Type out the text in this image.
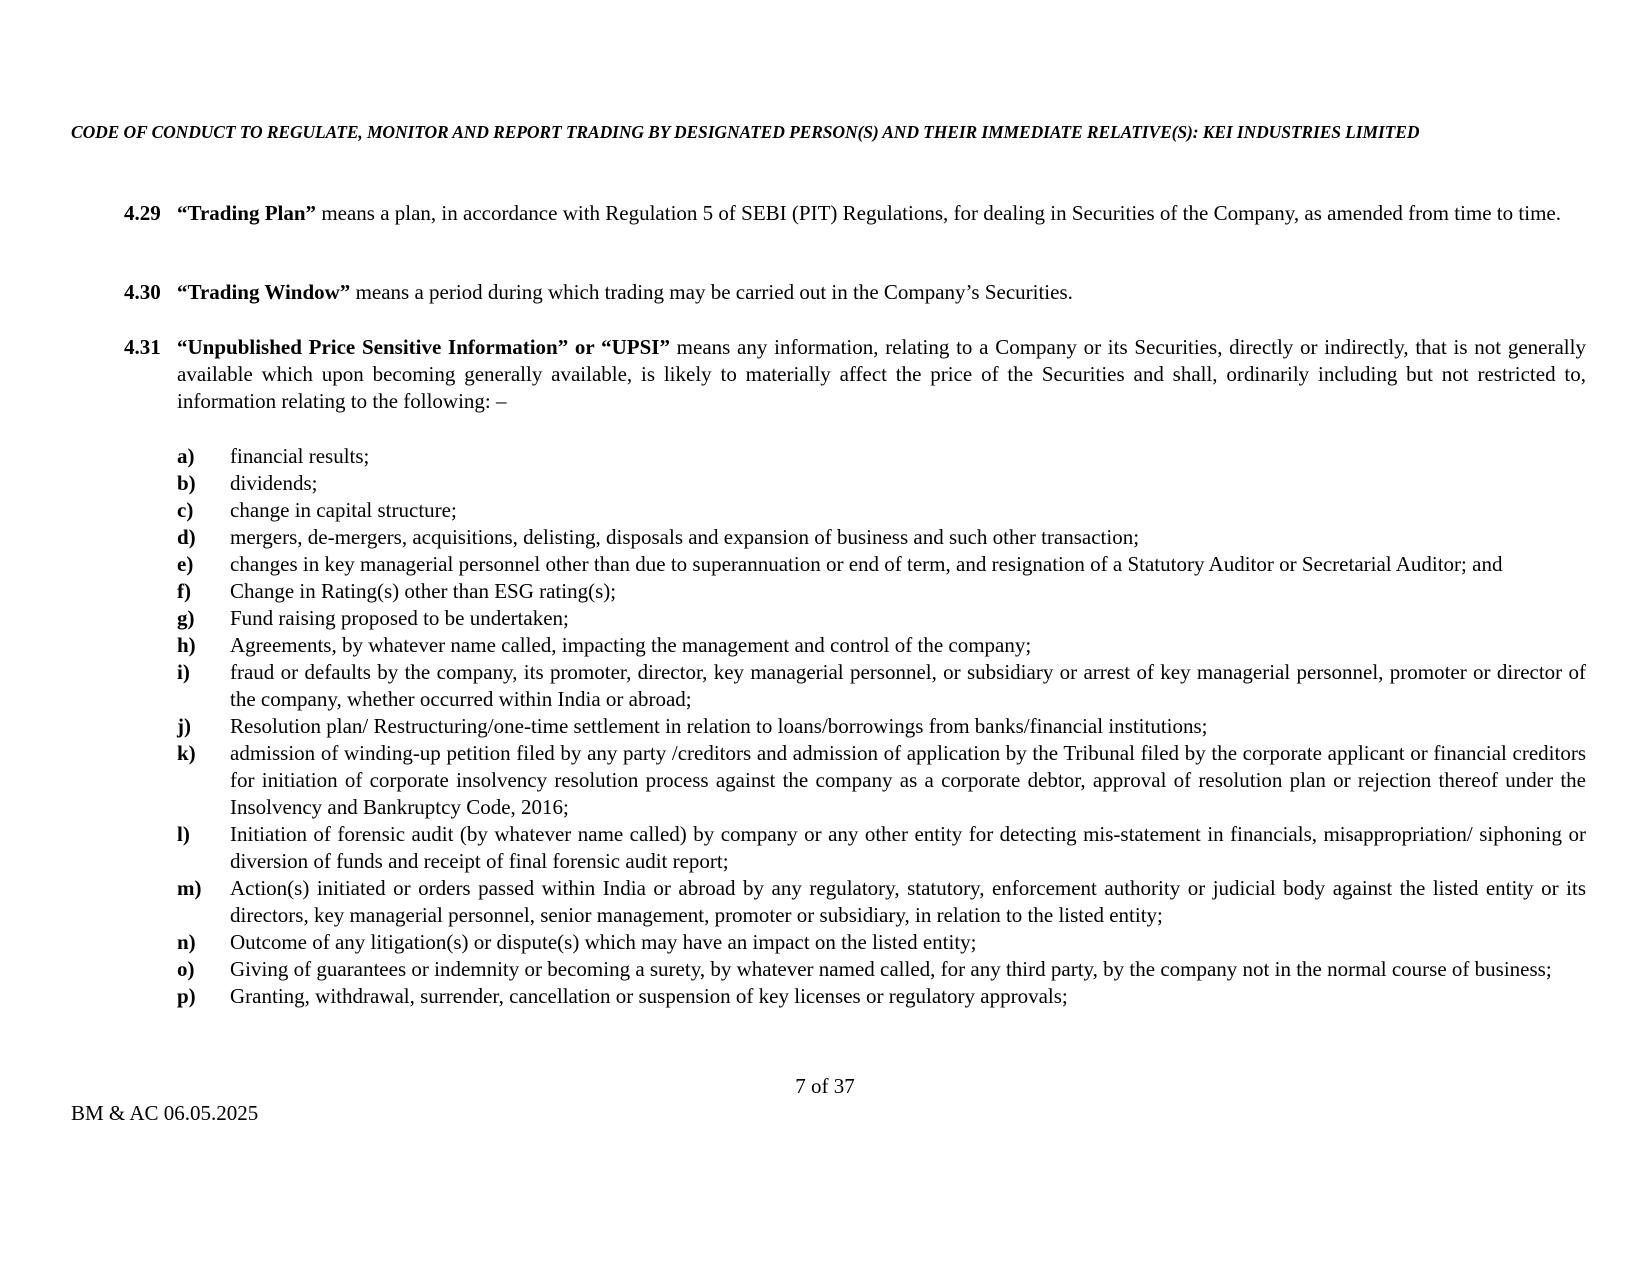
CODE OF CONDUCT TO REGULATE, MONITOR AND REPORT TRADING BY DESIGNATED PERSON(S) AND THEIR IMMEDIATE RELATIVE(S): KEI INDUSTRIES LIMITED
4.29 “Trading Plan” means a plan, in accordance with Regulation 5 of SEBI (PIT) Regulations, for dealing in Securities of the Company, as amended from time to time.
4.30 “Trading Window” means a period during which trading may be carried out in the Company’s Securities.
4.31 “Unpublished Price Sensitive Information” or “UPSI” means any information, relating to a Company or its Securities, directly or indirectly, that is not generally available which upon becoming generally available, is likely to materially affect the price of the Securities and shall, ordinarily including but not restricted to, information relating to the following: –
a) financial results;
b) dividends;
c) change in capital structure;
d) mergers, de-mergers, acquisitions, delisting, disposals and expansion of business and such other transaction;
e) changes in key managerial personnel other than due to superannuation or end of term, and resignation of a Statutory Auditor or Secretarial Auditor; and
f) Change in Rating(s) other than ESG rating(s);
g) Fund raising proposed to be undertaken;
h) Agreements, by whatever name called, impacting the management and control of the company;
i) fraud or defaults by the company, its promoter, director, key managerial personnel, or subsidiary or arrest of key managerial personnel, promoter or director of the company, whether occurred within India or abroad;
j) Resolution plan/ Restructuring/one-time settlement in relation to loans/borrowings from banks/financial institutions;
k) admission of winding-up petition filed by any party /creditors and admission of application by the Tribunal filed by the corporate applicant or financial creditors for initiation of corporate insolvency resolution process against the company as a corporate debtor, approval of resolution plan or rejection thereof under the Insolvency and Bankruptcy Code, 2016;
l) Initiation of forensic audit (by whatever name called) by company or any other entity for detecting mis-statement in financials, misappropriation/ siphoning or diversion of funds and receipt of final forensic audit report;
m) Action(s) initiated or orders passed within India or abroad by any regulatory, statutory, enforcement authority or judicial body against the listed entity or its directors, key managerial personnel, senior management, promoter or subsidiary, in relation to the listed entity;
n) Outcome of any litigation(s) or dispute(s) which may have an impact on the listed entity;
o) Giving of guarantees or indemnity or becoming a surety, by whatever named called, for any third party, by the company not in the normal course of business;
p) Granting, withdrawal, surrender, cancellation or suspension of key licenses or regulatory approvals;
7 of 37
BM & AC 06.05.2025
